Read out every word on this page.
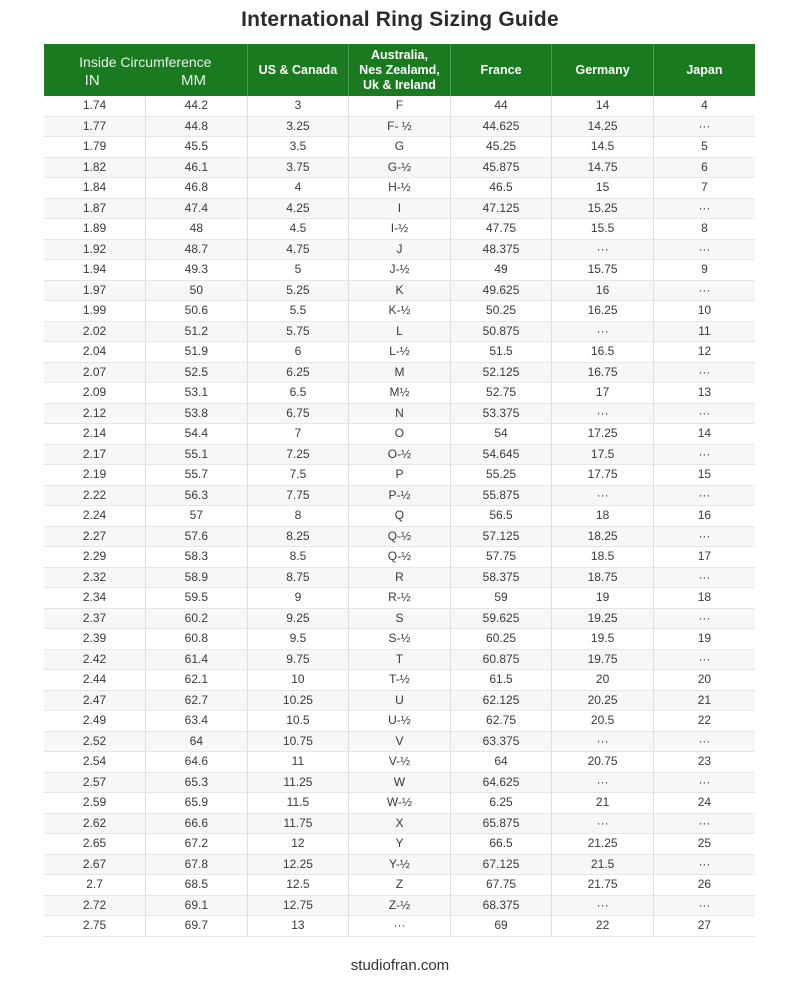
International Ring Sizing Guide
Inside Circumference
IN MM		US & Canada	Australia,
Nes Zealamd,
Uk & Ireland	France	Germany	Japan
1.74	44.2	3	F	44	14	4
1.77	44.8	3.25	F- ½	44.625	14.25	···
1.79	45.5	3.5	G	45.25	14.5	5
1.82	46.1	3.75	G-½	45.875	14.75	6
1.84	46.8	4	H-½	46.5	15	7
1.87	47.4	4.25	I	47.125	15.25	···
1.89	48	4.5	I-½	47.75	15.5	8
1.92	48.7	4.75	J	48.375	···	···
1.94	49.3	5	J-½	49	15.75	9
1.97	50	5.25	K	49.625	16	···
1.99	50.6	5.5	K-½	50.25	16.25	10
2.02	51.2	5.75	L	50.875	···	11
2.04	51.9	6	L-½	51.5	16.5	12
2.07	52.5	6.25	M	52.125	16.75	···
2.09	53.1	6.5	M½	52.75	17	13
2.12	53.8	6.75	N	53.375	···	···
2.14	54.4	7	O	54	17.25	14
2.17	55.1	7.25	O-½	54.645	17.5	···
2.19	55.7	7.5	P	55.25	17.75	15
2.22	56.3	7.75	P-½	55.875	···	···
2.24	57	8	Q	56.5	18	16
2.27	57.6	8.25	Q-½	57.125	18.25	···
2.29	58.3	8.5	Q-½	57.75	18.5	17
2.32	58.9	8.75	R	58.375	18.75	···
2.34	59.5	9	R-½	59	19	18
2.37	60.2	9.25	S	59.625	19.25	···
2.39	60.8	9.5	S-½	60.25	19.5	19
2.42	61.4	9.75	T	60.875	19.75	···
2.44	62.1	10	T-½	61.5	20	20
2.47	62.7	10.25	U	62.125	20.25	21
2.49	63.4	10.5	U-½	62.75	20.5	22
2.52	64	10.75	V	63.375	···	···
2.54	64.6	11	V-½	64	20.75	23
2.57	65.3	11.25	W	64.625	···	···
2.59	65.9	11.5	W-½	6.25	21	24
2.62	66.6	11.75	X	65.875	···	···
2.65	67.2	12	Y	66.5	21.25	25
2.67	67.8	12.25	Y-½	67.125	21.5	···
2.7	68.5	12.5	Z	67.75	21.75	26
2.72	69.1	12.75	Z-½	68.375	···	···
2.75	69.7	13	···	69	22	27
studiofran.com
